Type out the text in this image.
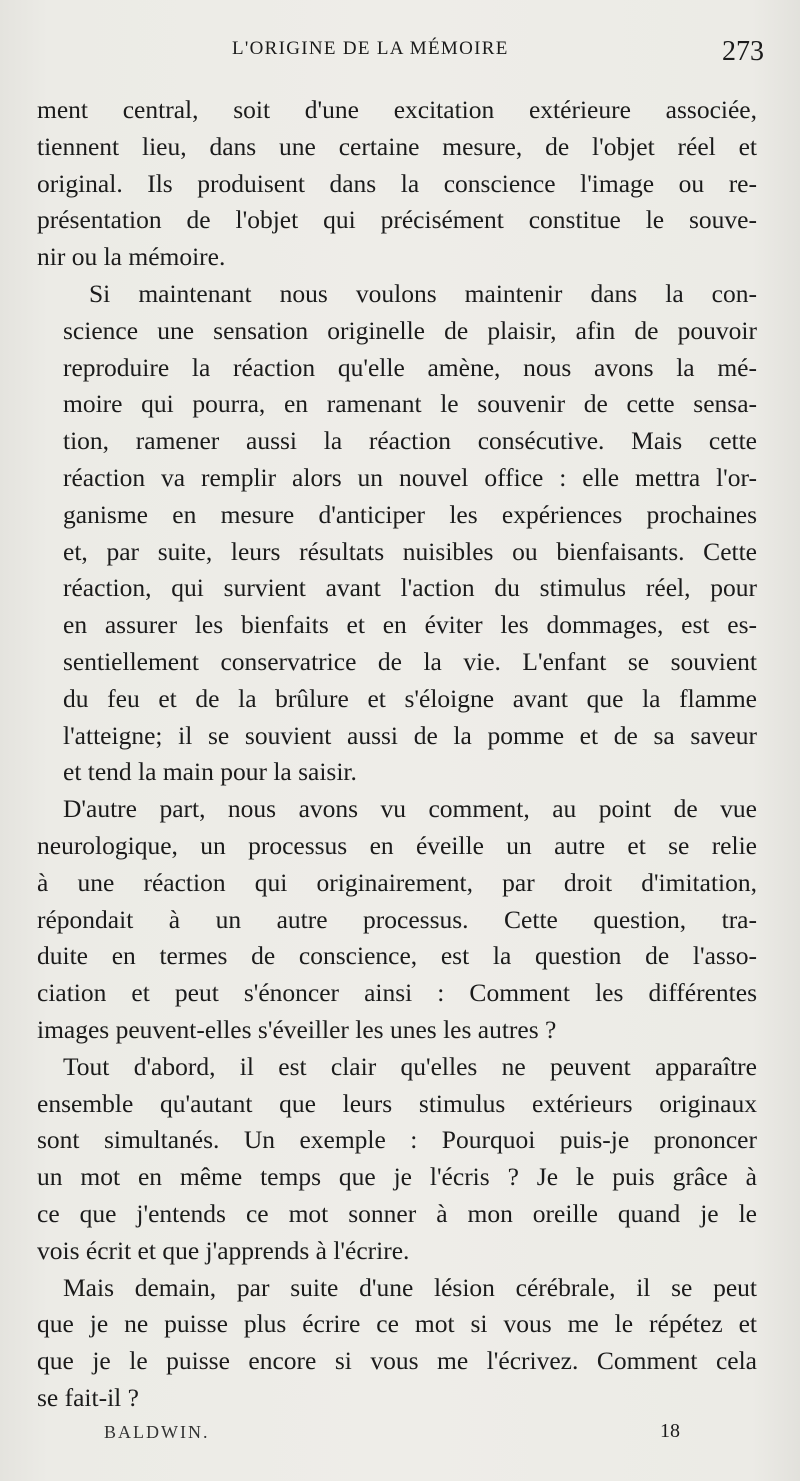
L'ORIGINE DE LA MÉMOIRE	273

ment central, soit d'une excitation extérieure associée,
tiennent lieu, dans une certaine mesure, de l'objet réel et
original. Ils produisent dans la conscience l'image ou re-
présentation de l'objet qui précisément constitue le souve-
nir ou la mémoire.

Si maintenant nous voulons maintenir dans la con-
science une sensation originelle de plaisir, afin de pouvoir
reproduire la réaction qu'elle amène, nous avons la mé-
moire qui pourra, en ramenant le souvenir de cette sensa-
tion, ramener aussi la réaction consécutive. Mais cette
réaction va remplir alors un nouvel office : elle mettra l'or-
ganisme en mesure d'anticiper les expériences prochaines
et, par suite, leurs résultats nuisibles ou bienfaisants. Cette
réaction, qui survient avant l'action du stimulus réel, pour
en assurer les bienfaits et en éviter les dommages, est es-
sentiellement conservatrice de la vie. L'enfant se souvient
du feu et de la brûlure et s'éloigne avant que la flamme
l'atteigne; il se souvient aussi de la pomme et de sa saveur
et tend la main pour la saisir.

D'autre part, nous avons vu comment, au point de vue
neurologique, un processus en éveille un autre et se relie
à une réaction qui originairement, par droit d'imitation,
répondait à un autre processus. Cette question, tra-
duite en termes de conscience, est la question de l'asso-
ciation et peut s'énoncer ainsi : Comment les différentes
images peuvent-elles s'éveiller les unes les autres ?

Tout d'abord, il est clair qu'elles ne peuvent apparaître
ensemble qu'autant que leurs stimulus extérieurs originaux
sont simultanés. Un exemple : Pourquoi puis-je prononcer
un mot en même temps que je l'écris ? Je le puis grâce à
ce que j'entends ce mot sonner à mon oreille quand je le
vois écrit et que j'apprends à l'écrire.

Mais demain, par suite d'une lésion cérébrale, il se peut
que je ne puisse plus écrire ce mot si vous me le répétez et
que je le puisse encore si vous me l'écrivez. Comment cela
se fait-il ?

BALDWIN.	18
